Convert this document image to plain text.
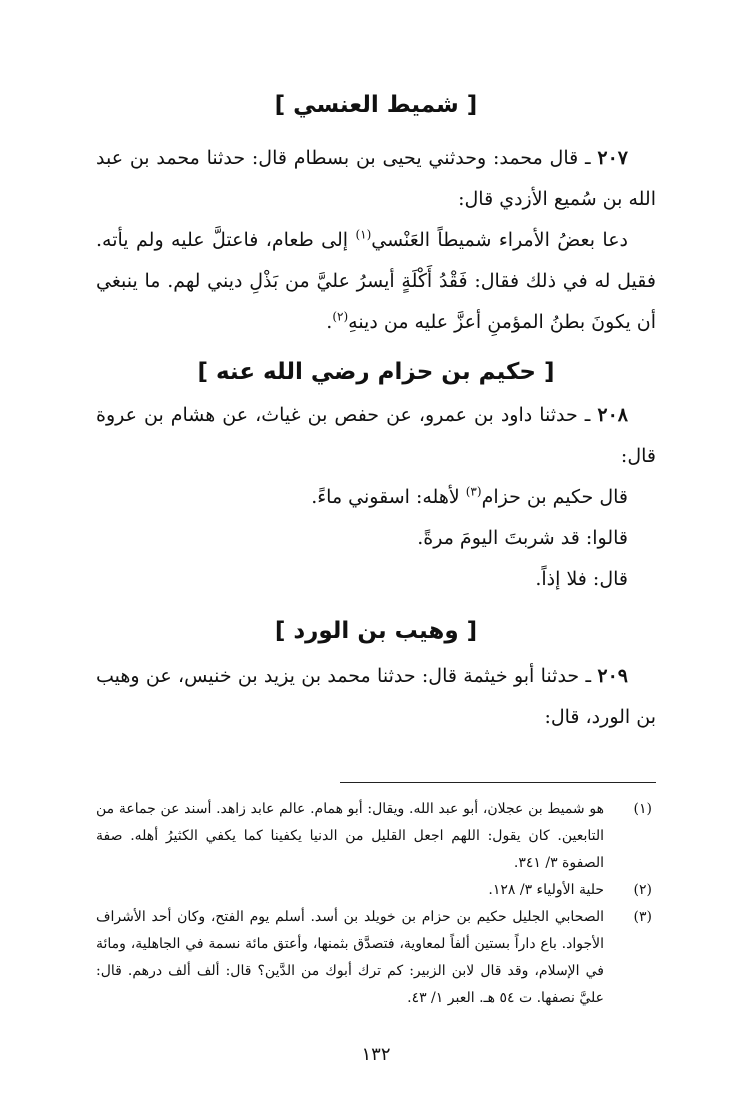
[ شميط العنسي ]

٢٠٧ ـ قال محمد: وحدثني يحيى بن بسطام قال: حدثنا محمد بن عبد الله بن سُميع الأزدي قال:

دعا بعضُ الأمراء شميطاً العَنْسي$^{(١)}$ إلى طعام، فاعتلَّ عليه ولم يأته. فقيل له في ذلك فقال: فَقْدُ أَكْلَةٍ أيسرُ عليَّ من بَذْلِ ديني لهم. ما ينبغي أن يكونَ بطنُ المؤمنِ أعزَّ عليه من دينهِ$^{(٢)}$.

[ حكيم بن حزام رضي الله عنه ]

٢٠٨ ـ حدثنا داود بن عمرو، عن حفص بن غياث، عن هشام بن عروة قال:

قال حكيم بن حزام$^{(٣)}$ لأهله: اسقوني ماءً.

قالوا: قد شربتَ اليومَ مرةً.

قال: فلا إذاً.

[ وهيب بن الورد ]

٢٠٩ ـ حدثنا أبو خيثمة قال: حدثنا محمد بن يزيد بن خنيس، عن وهيب بن الورد، قال:

(١)
هو شميط بن عجلان، أبو عبد الله. ويقال: أبو همام. عالم عابد زاهد. أسند عن جماعة من التابعين. كان يقول: اللهم اجعل القليل من الدنيا يكفينا كما يكفي الكثيرُ أهله. صفة الصفوة ٣/ ٣٤١.
(٢)
حلية الأولياء ٣/ ١٢٨.
(٣)
الصحابي الجليل حكيم بن حزام بن خويلد بن أسد. أسلم يوم الفتح، وكان أحد الأشراف الأجواد. باع داراً بستين ألفاً لمعاوية، فتصدَّق بثمنها، وأعتق مائة نسمة في الجاهلية، ومائة في الإسلام، وقد قال لابن الزبير: كم ترك أبوك من الدَّين؟ قال: ألف ألف درهم. قال: عليَّ نصفها. ت ٥٤ هـ. العبر ١/ ٤٣.
١٣٢
